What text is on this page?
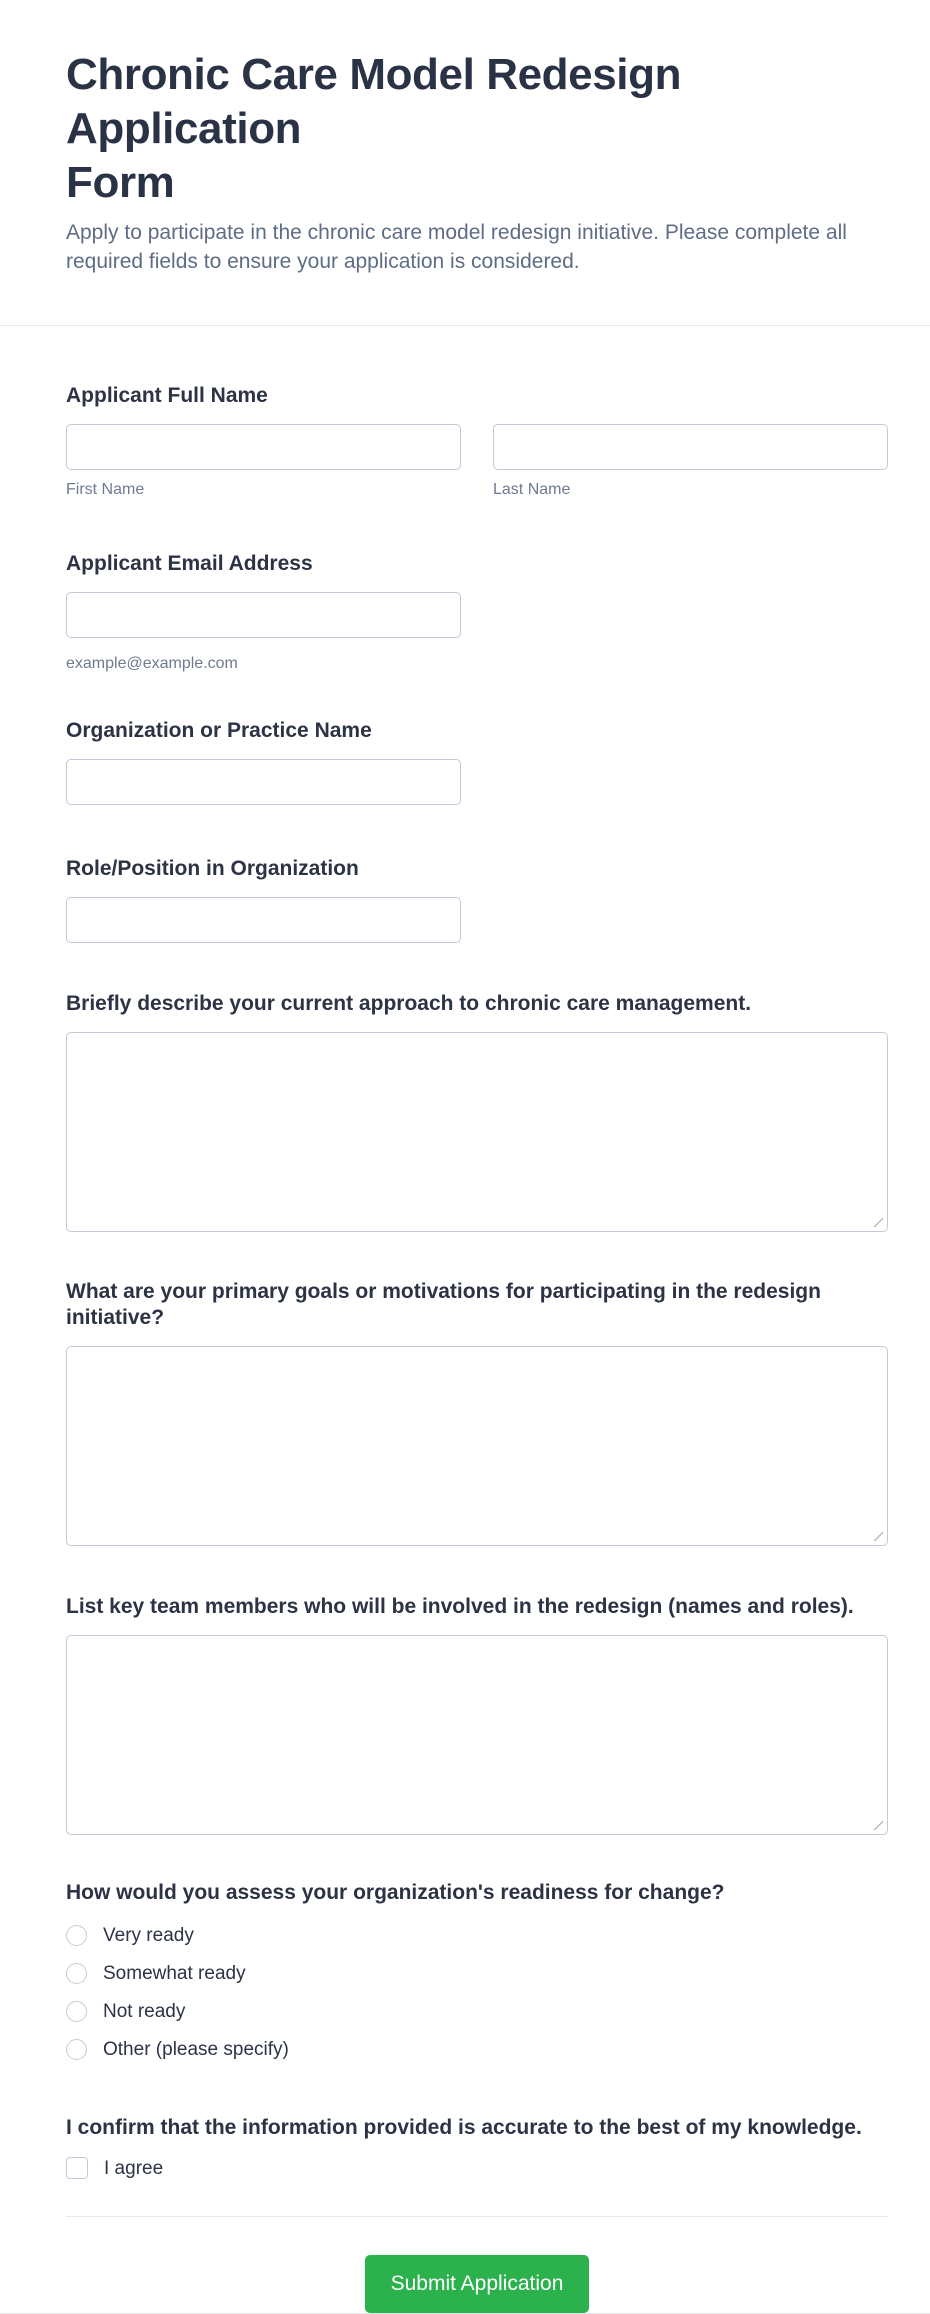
Chronic Care Model Redesign Application
Form

Apply to participate in the chronic care model redesign initiative. Please complete all
required fields to ensure your application is considered.

Applicant Full Name
First Name	Last Name
Applicant Email Address
example@example.com
Organization or Practice Name
Role/Position in Organization
Briefly describe your current approach to chronic care management.
What are your primary goals or motivations for participating in the redesign initiative?
List key team members who will be involved in the redesign (names and roles).
How would you assess your organization's readiness for change?
Very ready
Somewhat ready
Not ready
Other (please specify)
I confirm that the information provided is accurate to the best of my knowledge.
I agree
Submit Application
